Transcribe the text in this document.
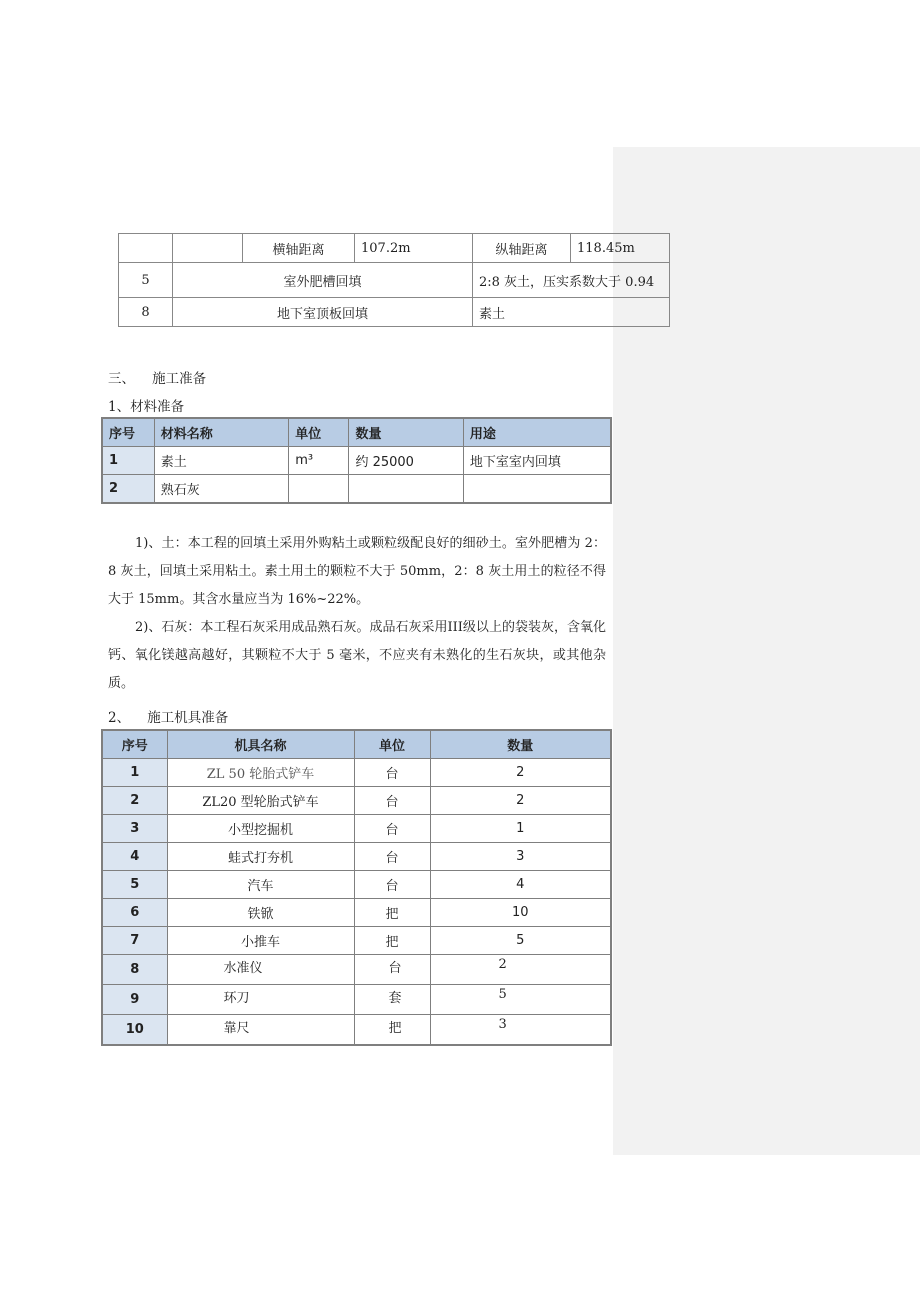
		横轴距离	107.2m	纵轴距离	118.45m
5	室外肥槽回填			2:8 灰土，压实系数大于 0.94	
8	地下室顶板回填			素土	
三、    施工准备
1、材料准备
序号	材料名称	单位	数量	用途
1	素土	m³	约 25000	地下室室内回填
2	熟石灰			
1)、土：本工程的回填土采用外购粘土或颗粒级配良好的细砂土。室外肥槽为 2：8 灰土，回填土采用粘土。素土用土的颗粒不大于 50mm，2：8 灰土用土的粒径不得大于 15mm。其含水量应当为 16%~22%。
2)、石灰：本工程石灰采用成品熟石灰。成品石灰采用III级以上的袋装灰，含氧化钙、氧化镁越高越好，其颗粒不大于 5 毫米，不应夹有未熟化的生石灰块，或其他杂质。
2、    施工机具准备
序号	机具名称	单位	数量
1	ZL 50 轮胎式铲车	台	2
2	ZL20 型轮胎式铲车	台	2
3	小型挖掘机	台	1
4	蛙式打夯机	台	3
5	汽车	台	4
6	铁锨	把	10
7	小推车	把	5
8	水准仪	台	2
9	环刀	套	5
10	靠尺	把	3
